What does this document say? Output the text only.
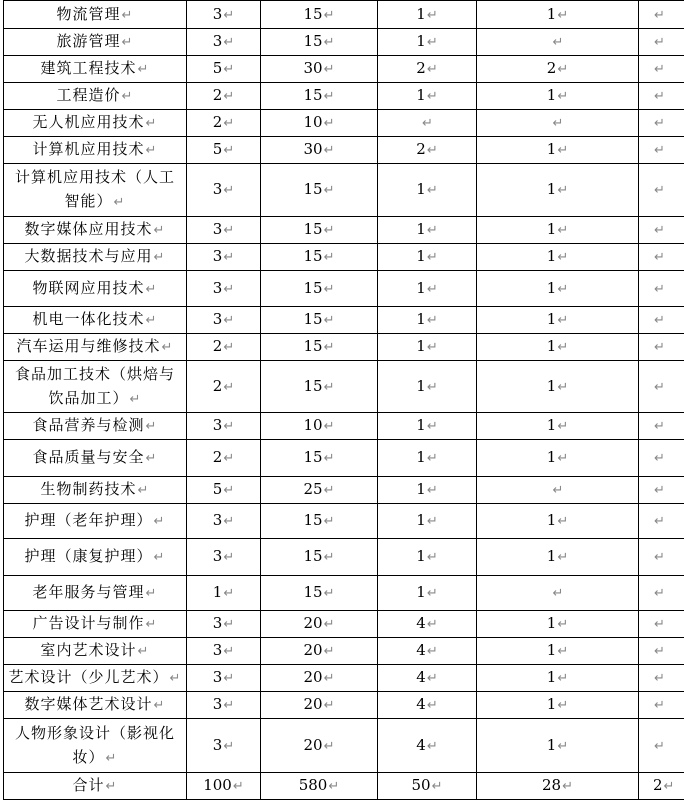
物流管理↵	3↵	15↵	1↵	1↵	↵
旅游管理↵	3↵	15↵	1↵	↵	↵
建筑工程技术↵	5↵	30↵	2↵	2↵	↵
工程造价↵	2↵	15↵	1↵	1↵	↵
无人机应用技术↵	2↵	10↵	↵	↵	↵
计算机应用技术↵	5↵	30↵	2↵	1↵	↵
计算机应用技术（人工智能）↵	3↵	15↵	1↵	1↵	↵
数字媒体应用技术↵	3↵	15↵	1↵	1↵	↵
大数据技术与应用↵	3↵	15↵	1↵	1↵	↵
物联网应用技术↵	3↵	15↵	1↵	1↵	↵
机电一体化技术↵	3↵	15↵	1↵	1↵	↵
汽车运用与维修技术↵	2↵	15↵	1↵	1↵	↵
食品加工技术（烘焙与饮品加工）↵	2↵	15↵	1↵	1↵	↵
食品营养与检测↵	3↵	10↵	1↵	1↵	↵
食品质量与安全↵	2↵	15↵	1↵	1↵	↵
生物制药技术↵	5↵	25↵	1↵	↵	↵
护理（老年护理）↵	3↵	15↵	1↵	1↵	↵
护理（康复护理）↵	3↵	15↵	1↵	1↵	↵
老年服务与管理↵	1↵	15↵	1↵	↵	↵
广告设计与制作↵	3↵	20↵	4↵	1↵	↵
室内艺术设计↵	3↵	20↵	4↵	1↵	↵
艺术设计（少儿艺术）↵	3↵	20↵	4↵	1↵	↵
数字媒体艺术设计↵	3↵	20↵	4↵	1↵	↵
人物形象设计（影视化妆）↵	3↵	20↵	4↵	1↵	↵
合计↵	100↵	580↵	50↵	28↵	2↵
